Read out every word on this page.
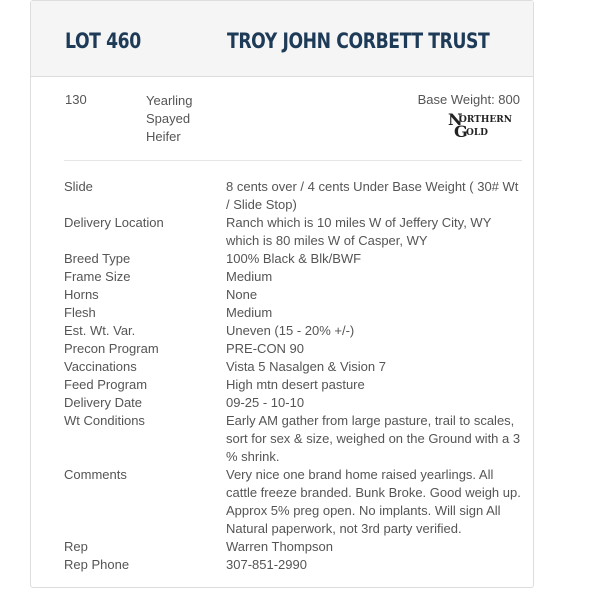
LOT 460	TROY JOHN CORBETT TRUST
130	Yearling
Spayed
Heifer
Base Weight: 800
N
ORTHERN
G
OLD
Slide	8 cents over / 4 cents Under Base Weight ( 30# Wt / Slide Stop)
Delivery Location	Ranch which is 10 miles W of Jeffery City, WY which is 80 miles W of Casper, WY
Breed Type	100% Black & Blk/BWF
Frame Size	Medium
Horns	None
Flesh	Medium
Est. Wt. Var.	Uneven (15 - 20% +/-)
Precon Program	PRE-CON 90
Vaccinations	Vista 5 Nasalgen & Vision 7
Feed Program	High mtn desert pasture
Delivery Date	09-25 - 10-10
Wt Conditions	Early AM gather from large pasture, trail to scales, sort for sex & size, weighed on the Ground with a 3 % shrink.
Comments	Very nice one brand home raised yearlings. All cattle freeze branded. Bunk Broke. Good weigh up. Approx 5% preg open. No implants. Will sign All Natural paperwork, not 3rd party verified.
Rep	Warren Thompson
Rep Phone	307-851-2990
